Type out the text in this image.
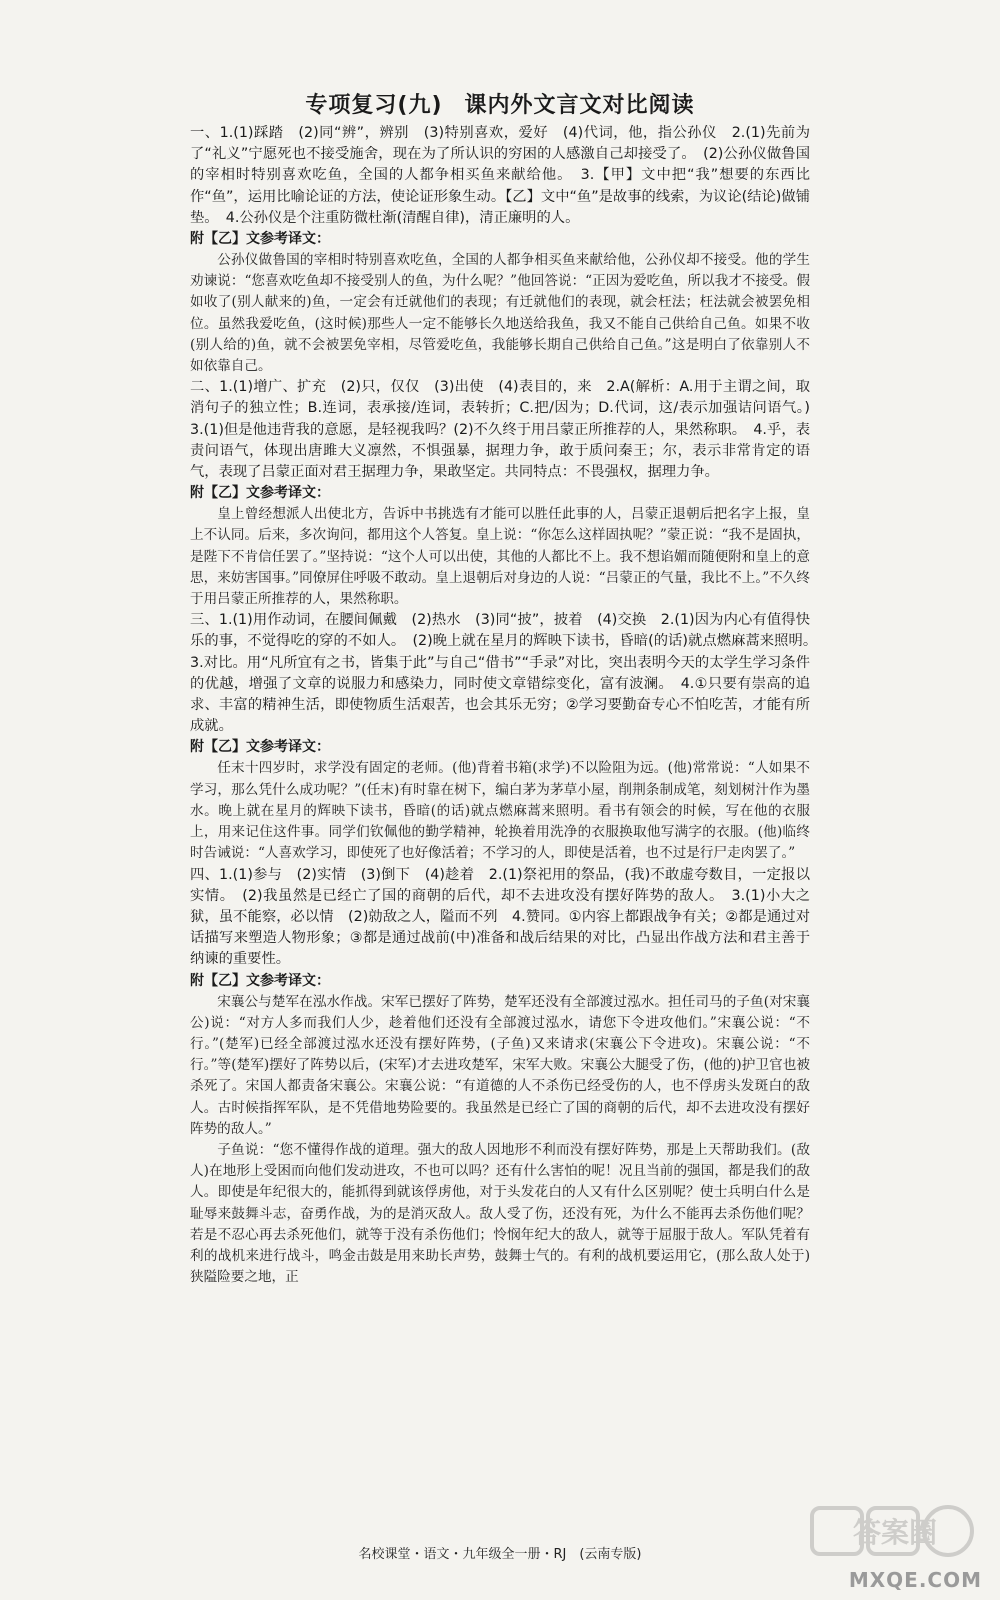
专项复习(九) 课内外文言文对比阅读

一、1.(1)踩踏　(2)同“辨”，辨别　(3)特别喜欢，爱好　(4)代词，他，指公孙仪　2.(1)先前为了“礼义”宁愿死也不接受施舍，现在为了所认识的穷困的人感激自己却接受了。　(2)公孙仪做鲁国的宰相时特别喜欢吃鱼，全国的人都争相买鱼来献给他。　3.【甲】文中把“我”想要的东西比作“鱼”，运用比喻论证的方法，使论证形象生动。【乙】文中“鱼”是故事的线索，为议论(结论)做铺垫。　4.公孙仪是个注重防微杜渐(清醒自律)，清正廉明的人。

附【乙】文参考译文：

公孙仪做鲁国的宰相时特别喜欢吃鱼，全国的人都争相买鱼来献给他，公孙仪却不接受。他的学生劝谏说：“您喜欢吃鱼却不接受别人的鱼，为什么呢？”他回答说：“正因为爱吃鱼，所以我才不接受。假如收了(别人献来的)鱼，一定会有迁就他们的表现；有迁就他们的表现，就会枉法；枉法就会被罢免相位。虽然我爱吃鱼，(这时候)那些人一定不能够长久地送给我鱼，我又不能自己供给自己鱼。如果不收(别人给的)鱼，就不会被罢免宰相，尽管爱吃鱼，我能够长期自己供给自己鱼。”这是明白了依靠别人不如依靠自己。

二、1.(1)增广、扩充　(2)只，仅仅　(3)出使　(4)表目的，来　2.A(解析：A.用于主谓之间，取消句子的独立性；B.连词，表承接/连词，表转折；C.把/因为；D.代词，这/表示加强诘问语气。)　3.(1)但是他违背我的意愿，是轻视我吗？(2)不久终于用吕蒙正所推荐的人，果然称职。　4.乎，表责问语气，体现出唐雎大义凛然，不惧强暴，据理力争，敢于质问秦王；尔，表示非常肯定的语气，表现了吕蒙正面对君王据理力争，果敢坚定。共同特点：不畏强权，据理力争。

附【乙】文参考译文：

皇上曾经想派人出使北方，告诉中书挑选有才能可以胜任此事的人，吕蒙正退朝后把名字上报，皇上不认同。后来，多次询问，都用这个人答复。皇上说：“你怎么这样固执呢？”蒙正说：“我不是固执，是陛下不肯信任罢了。”坚持说：“这个人可以出使，其他的人都比不上。我不想谄媚而随便附和皇上的意思，来妨害国事。”同僚屏住呼吸不敢动。皇上退朝后对身边的人说：“吕蒙正的气量，我比不上。”不久终于用吕蒙正所推荐的人，果然称职。

三、1.(1)用作动词，在腰间佩戴　(2)热水　(3)同“披”，披着　(4)交换　2.(1)因为内心有值得快乐的事，不觉得吃的穿的不如人。　(2)晚上就在星月的辉映下读书，昏暗(的话)就点燃麻蒿来照明。　3.对比。用“凡所宜有之书，皆集于此”与自己“借书”“手录”对比，突出表明今天的太学生学习条件的优越，增强了文章的说服力和感染力，同时使文章错综变化，富有波澜。　4.①只要有崇高的追求、丰富的精神生活，即使物质生活艰苦，也会其乐无穷；②学习要勤奋专心不怕吃苦，才能有所成就。

附【乙】文参考译文：

任末十四岁时，求学没有固定的老师。(他)背着书箱(求学)不以险阻为远。(他)常常说：“人如果不学习，那么凭什么成功呢？”(任末)有时靠在树下，编白茅为茅草小屋，削荆条制成笔，刻划树汁作为墨水。晚上就在星月的辉映下读书，昏暗(的话)就点燃麻蒿来照明。看书有领会的时候，写在他的衣服上，用来记住这件事。同学们钦佩他的勤学精神，轮换着用洗净的衣服换取他写满字的衣服。(他)临终时告诫说：“人喜欢学习，即使死了也好像活着；不学习的人，即使是活着，也不过是行尸走肉罢了。”

四、1.(1)参与　(2)实情　(3)倒下　(4)趁着　2.(1)祭祀用的祭品，(我)不敢虚夸数目，一定报以实情。　(2)我虽然是已经亡了国的商朝的后代，却不去进攻没有摆好阵势的敌人。　3.(1)小大之狱，虽不能察，必以情　(2)勍敌之人，隘而不列　4.赞同。①内容上都跟战争有关；②都是通过对话描写来塑造人物形象；③都是通过战前(中)准备和战后结果的对比，凸显出作战方法和君主善于纳谏的重要性。

附【乙】文参考译文：

宋襄公与楚军在泓水作战。宋军已摆好了阵势，楚军还没有全部渡过泓水。担任司马的子鱼(对宋襄公)说：“对方人多而我们人少，趁着他们还没有全部渡过泓水，请您下令进攻他们。”宋襄公说：“不行。”(楚军)已经全部渡过泓水还没有摆好阵势，(子鱼)又来请求(宋襄公下令进攻)。宋襄公说：“不行。”等(楚军)摆好了阵势以后，(宋军)才去进攻楚军，宋军大败。宋襄公大腿受了伤，(他的)护卫官也被杀死了。宋国人都责备宋襄公。宋襄公说：“有道德的人不杀伤已经受伤的人，也不俘虏头发斑白的敌人。古时候指挥军队，是不凭借地势险要的。我虽然是已经亡了国的商朝的后代，却不去进攻没有摆好阵势的敌人。”

子鱼说：“您不懂得作战的道理。强大的敌人因地形不利而没有摆好阵势，那是上天帮助我们。(敌人)在地形上受困而向他们发动进攻，不也可以吗？还有什么害怕的呢！况且当前的强国，都是我们的敌人。即使是年纪很大的，能抓得到就该俘虏他，对于头发花白的人又有什么区别呢？使士兵明白什么是耻辱来鼓舞斗志，奋勇作战，为的是消灭敌人。敌人受了伤，还没有死，为什么不能再去杀伤他们呢？若是不忍心再去杀死他们，就等于没有杀伤他们；怜悯年纪大的敌人，就等于屈服于敌人。军队凭着有利的战机来进行战斗，鸣金击鼓是用来助长声势，鼓舞士气的。有利的战机要运用它，(那么敌人处于)狭隘险要之地，正

名校课堂・语文・九年级全一册・RJ　(云南专版)
答案圈
MXQE.COM
